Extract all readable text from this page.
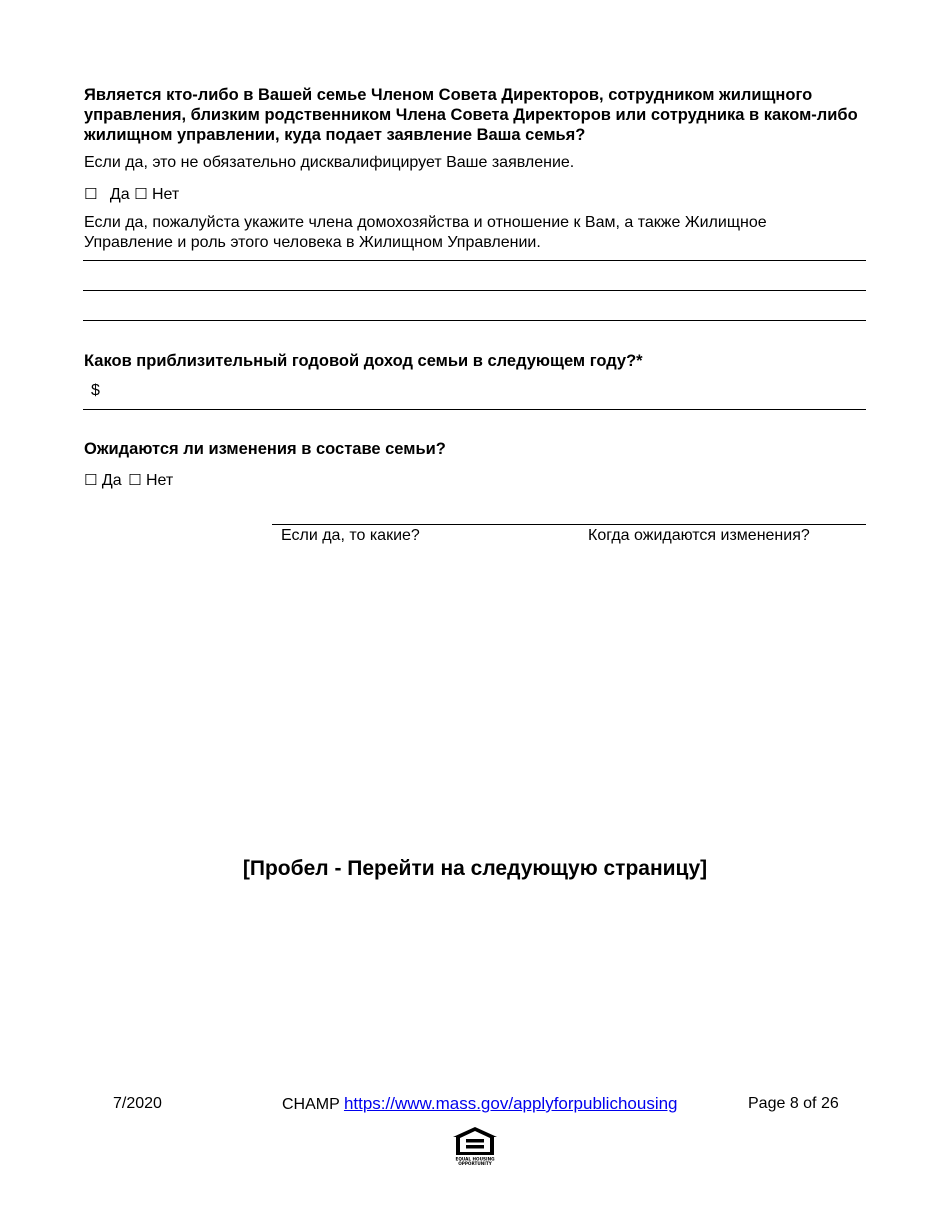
Является кто-либо в Вашей семье Членом Совета Директоров, сотрудником жилищного управления, близким родственником Члена Совета Директоров или сотрудника в каком-либо жилищном управлении, куда подает заявление Ваша семья?
Если да, это не обязательно дисквалифицирует Ваше заявление.
☐ Да ☐ Нет
Если да, пожалуйста укажите члена домохозяйства и отношение к Вам, а также Жилищное Управление и роль этого человека в Жилищном Управлении.
Каков приблизительный годовой доход семьи в следующем году?*
$
Ожидаются ли изменения в составе семьи?
☐ Да ☐ Нет
Если да, то какие?	Когда ожидаются изменения?
[Пробел - Перейти на следующую страницу]
7/2020	CHAMP https://www.mass.gov/applyforpublichousing	Page 8 of 26
EQUAL HOUSING
OPPORTUNITY
